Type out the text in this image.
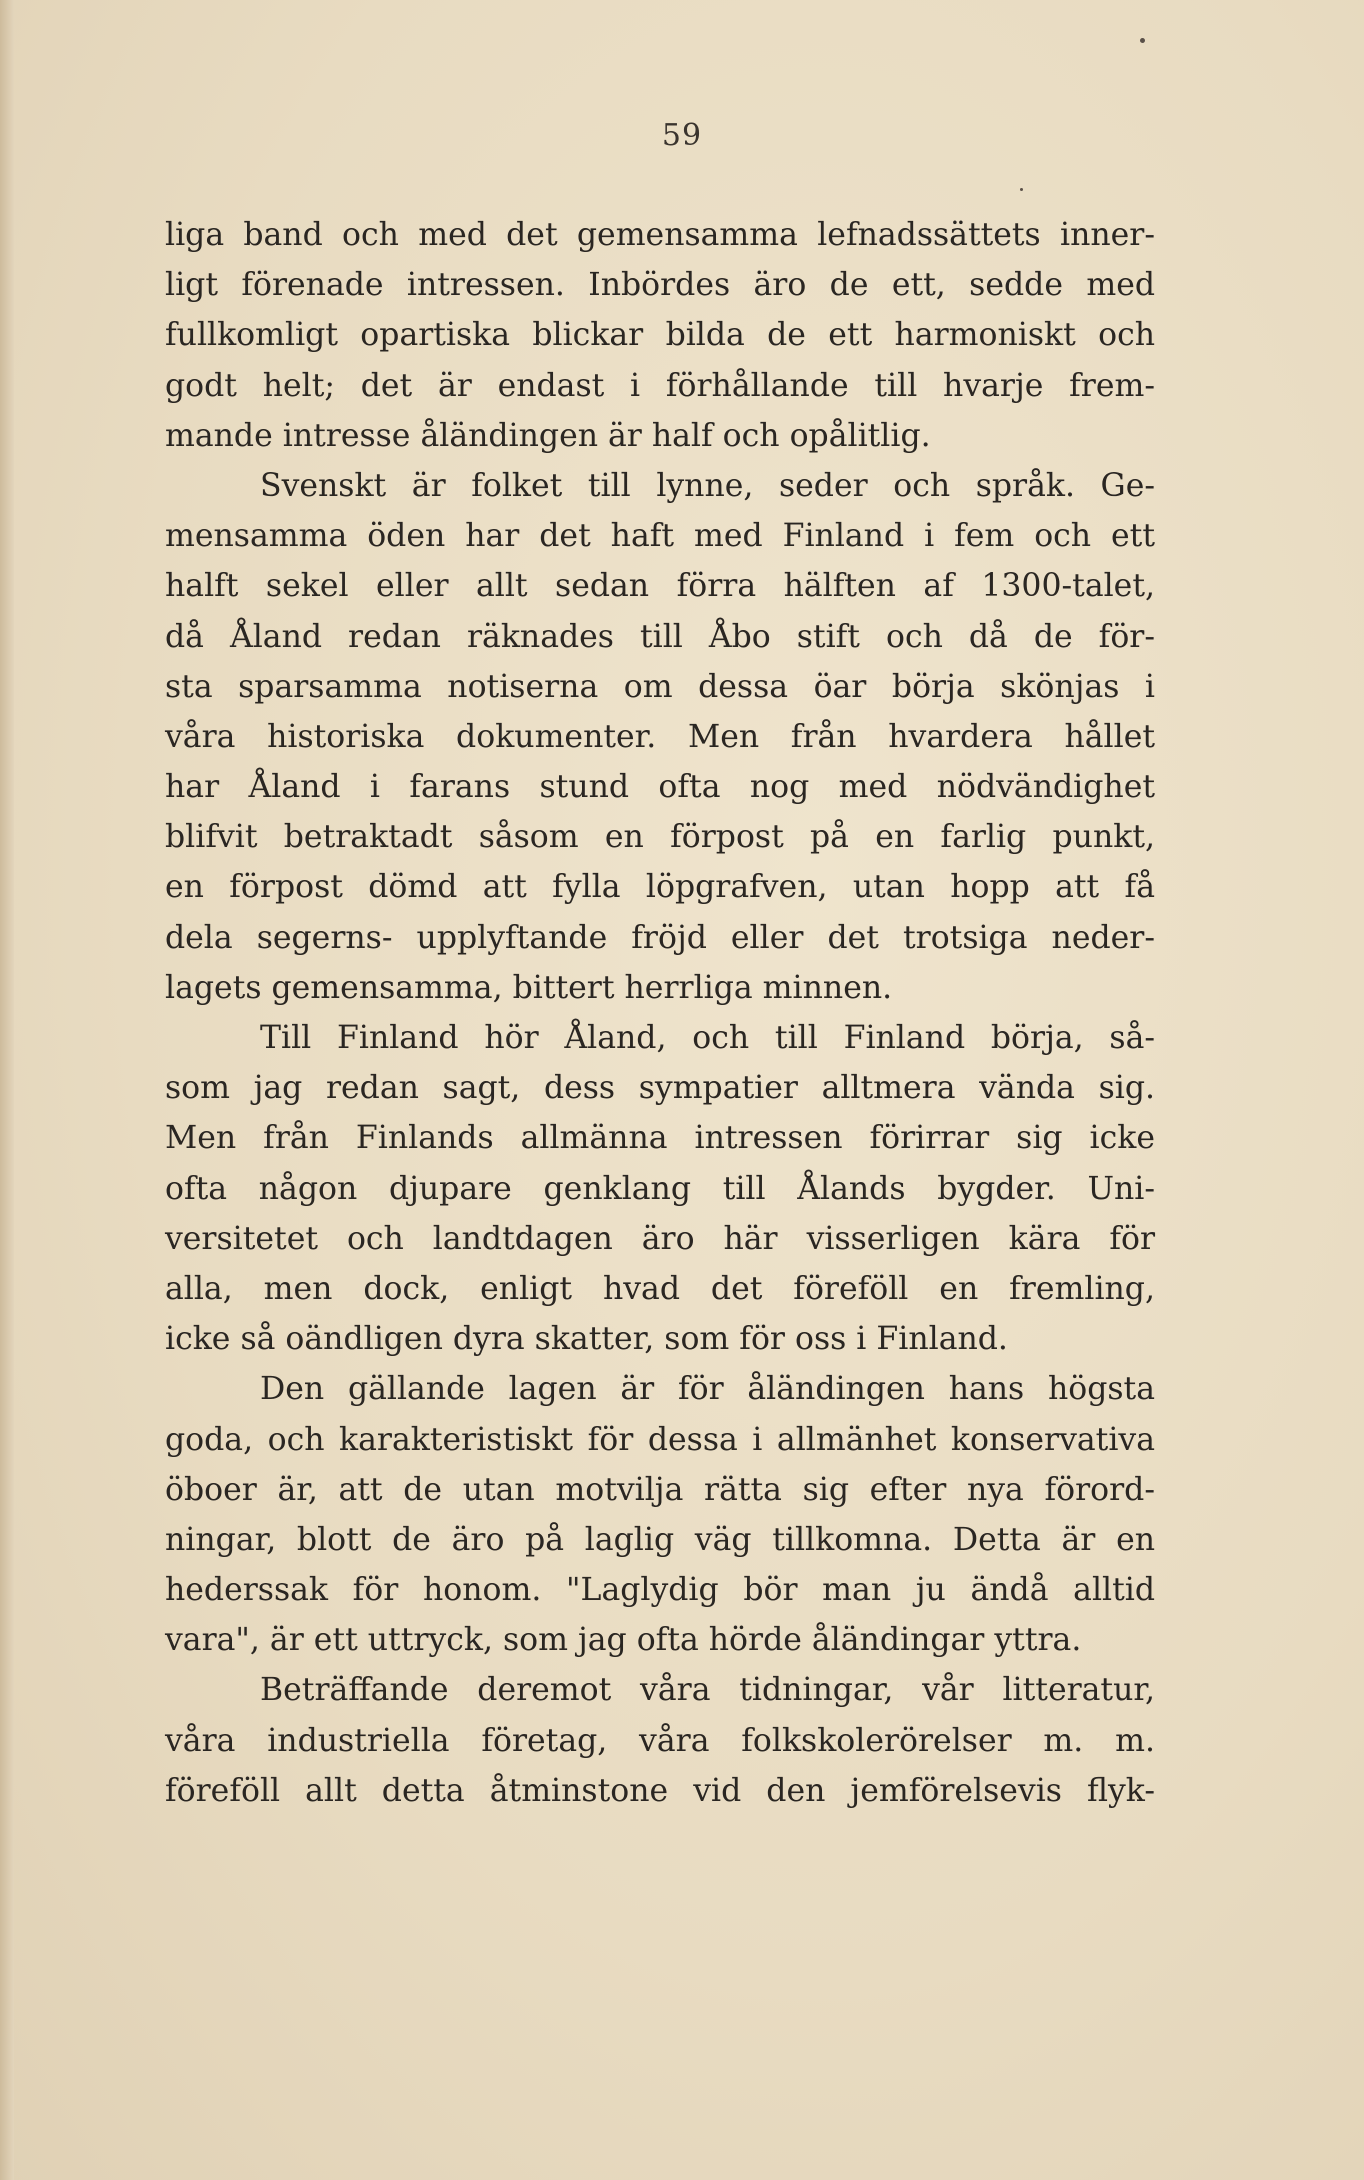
59
liga band och med det gemensamma lefnadssättets inner-
ligt förenade intressen. Inbördes äro de ett, sedde med
fullkomligt opartiska blickar bilda de ett harmoniskt och
godt helt; det är endast i förhållande till hvarje frem-
mande intresse åländingen är half och opålitlig.
Svenskt är folket till lynne, seder och språk. Ge-
mensamma öden har det haft med Finland i fem och ett
halft sekel eller allt sedan förra hälften af 1300-talet,
då Åland redan räknades till Åbo stift och då de för-
sta sparsamma notiserna om dessa öar börja skönjas i
våra historiska dokumenter. Men från hvardera hållet
har Åland i farans stund ofta nog med nödvändighet
blifvit betraktadt såsom en förpost på en farlig punkt,
en förpost dömd att fylla löpgrafven, utan hopp att få
dela segerns- upplyftande fröjd eller det trotsiga neder-
lagets gemensamma, bittert herrliga minnen.
Till Finland hör Åland, och till Finland börja, så-
som jag redan sagt, dess sympatier alltmera vända sig.
Men från Finlands allmänna intressen förirrar sig icke
ofta någon djupare genklang till Ålands bygder. Uni-
versitetet och landtdagen äro här visserligen kära för
alla, men dock, enligt hvad det föreföll en fremling,
icke så oändligen dyra skatter, som för oss i Finland.
Den gällande lagen är för åländingen hans högsta
goda, och karakteristiskt för dessa i allmänhet konservativa
öboer är, att de utan motvilja rätta sig efter nya förord-
ningar, blott de äro på laglig väg tillkomna. Detta är en
hederssak för honom. "Laglydig bör man ju ändå alltid
vara", är ett uttryck, som jag ofta hörde åländingar yttra.
Beträffande deremot våra tidningar, vår litteratur,
våra industriella företag, våra folkskolerörelser m. m.
föreföll allt detta åtminstone vid den jemförelsevis flyk-
